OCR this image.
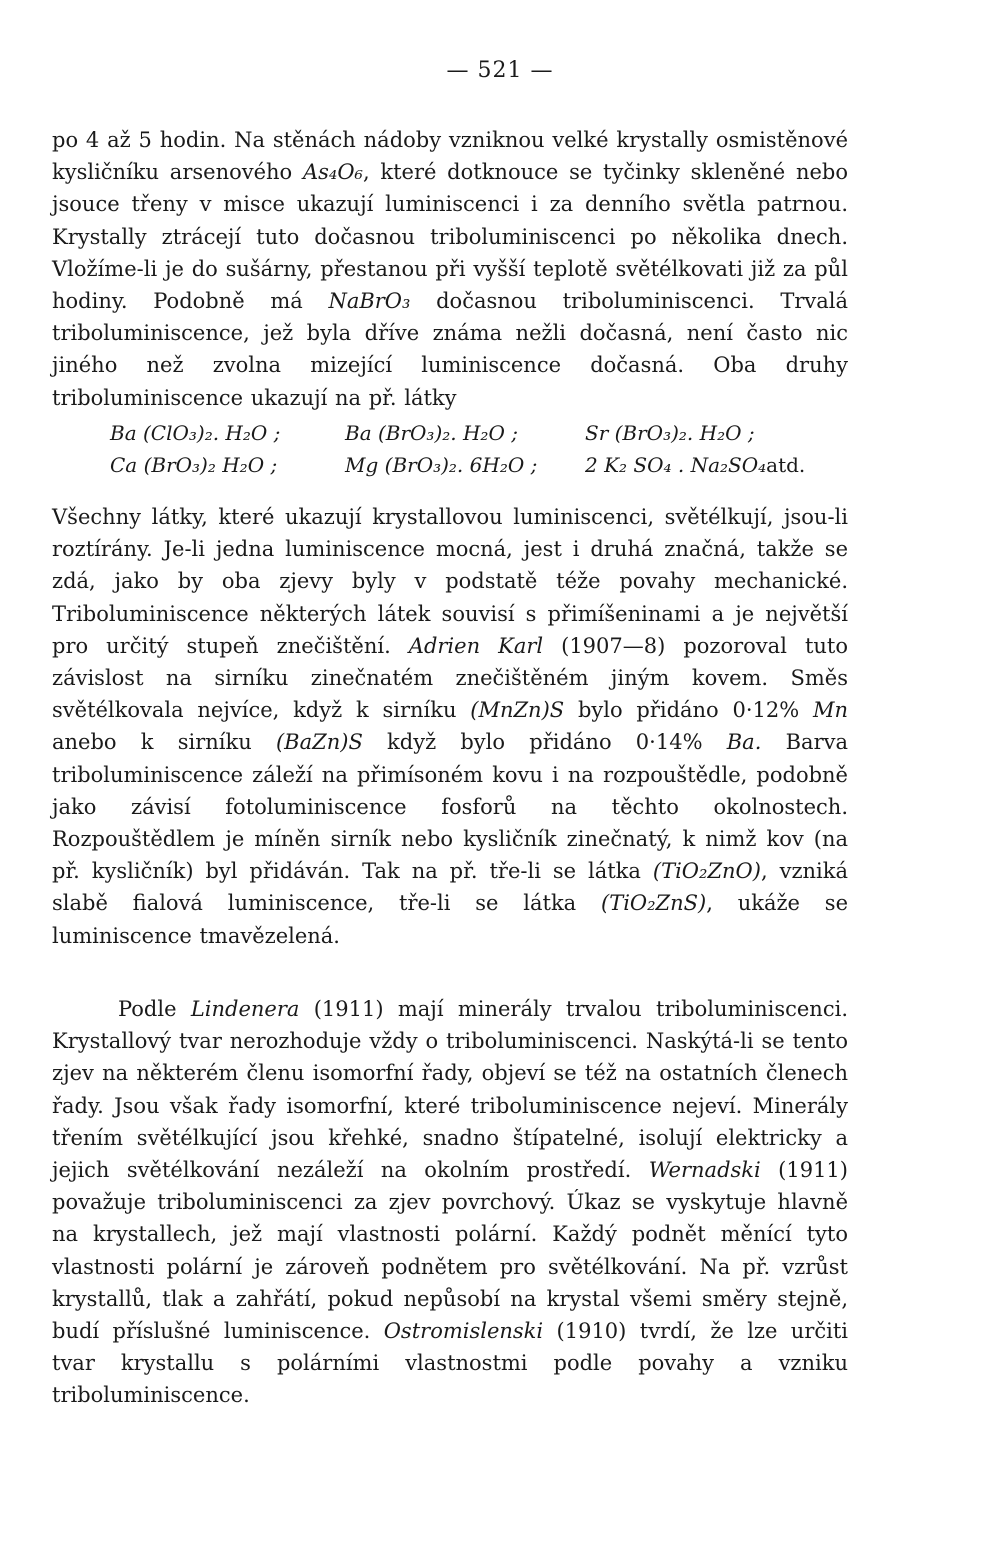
— 521 —
po 4 až 5 hodin. Na stěnách nádoby vzniknou velké krystally osmistěnové kysličníku arsenového As₄O₆, které dotknouce se tyčinky skleněné nebo jsouce třeny v misce ukazují luminiscenci i za denního světla patrnou. Krystally ztrácejí tuto dočasnou triboluminiscenci po několika dnech. Vložíme-li je do sušárny, přestanou při vyšší teplotě světélkovati již za půl hodiny. Podobně má NaBrO₃ dočasnou triboluminiscenci. Trvalá triboluminiscence, jež byla dříve známa nežli dočasná, není často nic jiného než zvolna mizející luminiscence dočasná. Oba druhy triboluminiscence ukazují na př. látky
Ba (ClO₃)₂. H₂O ;	Ba (BrO₃)₂. H₂O ;	Sr (BrO₃)₂. H₂O ;
Ca (BrO₃)₂ H₂O ;	Mg (BrO₃)₂. 6H₂O ;	2 K₂ SO₄ . Na₂SO₄ atd.
Všechny látky, které ukazují krystallovou luminiscenci, světélkují, jsou-li roztírány. Je-li jedna luminiscence mocná, jest i druhá značná, takže se zdá, jako by oba zjevy byly v podstatě téže povahy mechanické. Triboluminiscence některých látek souvisí s přimíšeninami a je největší pro určitý stupeň znečištění. Adrien Karl (1907—8) pozoroval tuto závislost na sirníku zinečnatém znečištěném jiným kovem. Směs světélkovala nejvíce, když k sirníku (MnZn)S bylo přidáno 0·12% Mn anebo k sirníku (BaZn)S když bylo přidáno 0·14% Ba. Barva triboluminiscence záleží na přimísoném kovu i na rozpouštědle, podobně jako závisí fotoluminiscence fosforů na těchto okolnostech. Rozpouštědlem je míněn sirník nebo kysličník zinečnatý, k nimž kov (na př. kysličník) byl přidáván. Tak na př. tře-li se látka (TiO₂ZnO), vzniká slabě fialová luminiscence, tře-li se látka (TiO₂ZnS), ukáže se luminiscence tmavězelená.
Podle Lindenera (1911) mají minerály trvalou triboluminiscenci. Krystallový tvar nerozhoduje vždy o triboluminiscenci. Naskýtá-li se tento zjev na některém členu isomorfní řady, objeví se též na ostatních členech řady. Jsou však řady isomorfní, které triboluminiscence nejeví. Minerály třením světélkující jsou křehké, snadno štípatelné, isolují elektricky a jejich světélkování nezáleží na okolním prostředí. Wernadski (1911) považuje triboluminiscenci za zjev povrchový. Úkaz se vyskytuje hlavně na krystallech, jež mají vlastnosti polární. Každý podnět měnící tyto vlastnosti polární je zároveň podnětem pro světélkování. Na př. vzrůst krystallů, tlak a zahřátí, pokud nepůsobí na krystal všemi směry stejně, budí příslušné luminiscence. Ostromislenski (1910) tvrdí, že lze určiti tvar krystallu s polárními vlastnostmi podle povahy a vzniku triboluminiscence.
